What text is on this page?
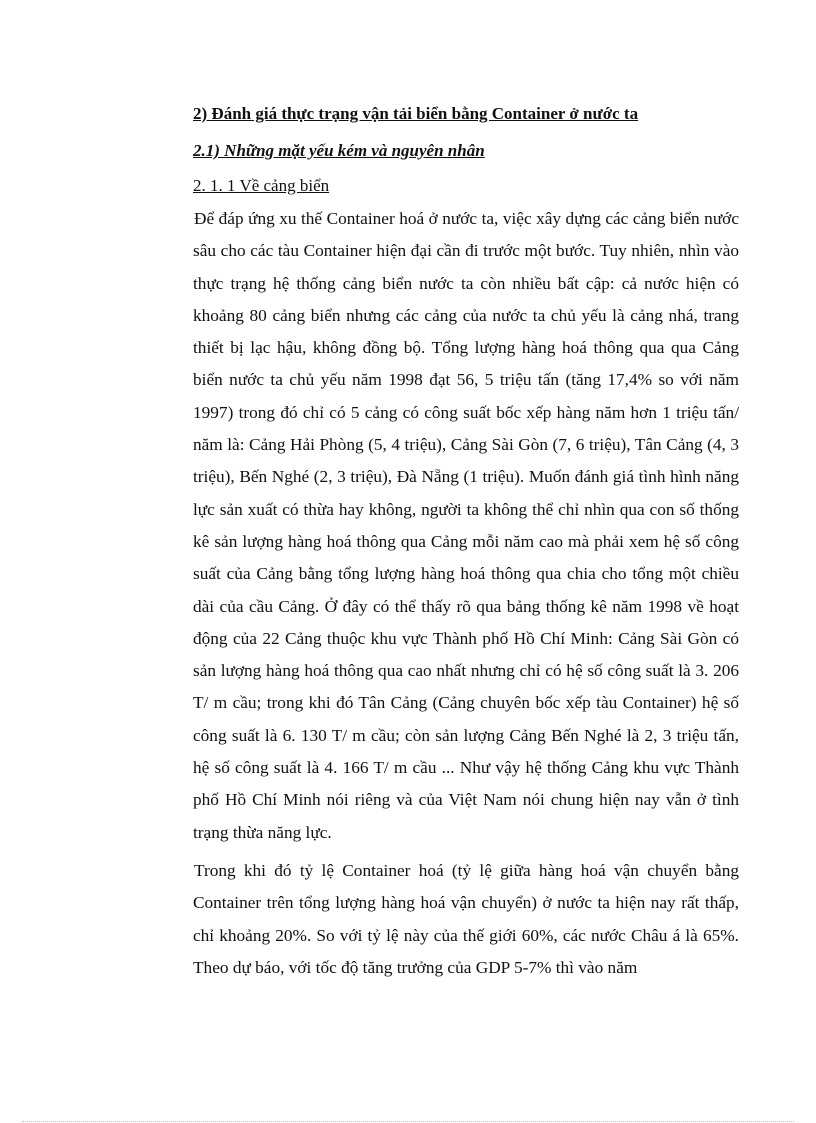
2) Đánh giá thực trạng vận tải biển bằng Container ở nước ta
2.1) Những mặt yếu kém và nguyên nhân
2. 1. 1 Về cảng biển

Để đáp ứng xu thế Container hoá ở nước ta, việc xây dựng các cảng biển nước sâu cho các tàu Container hiện đại cần đi trước một bước. Tuy nhiên, nhìn vào thực trạng hệ thống cảng biển nước ta còn nhiều bất cập: cả nước hiện có khoảng 80 cảng biển nhưng các cảng của nước ta chủ yếu là cảng nhá, trang thiết bị lạc hậu, không đồng bộ. Tổng lượng hàng hoá thông qua qua Cảng biển nước ta chủ yếu năm 1998 đạt 56, 5 triệu tấn (tăng 17,4% so với năm 1997) trong đó chỉ có 5 cảng có công suất bốc xếp hàng năm hơn 1 triệu tấn/ năm là: Cảng Hải Phòng (5, 4 triệu), Cảng Sài Gòn (7, 6 triệu), Tân Cảng (4, 3 triệu), Bến Nghé (2, 3 triệu), Đà Nẵng (1 triệu). Muốn đánh giá tình hình năng lực sản xuất có thừa hay không, người ta không thể chỉ nhìn qua con số thống kê sản lượng hàng hoá thông qua Cảng mỗi năm cao mà phải xem hệ số công suất của Cảng bằng tổng lượng hàng hoá thông qua chia cho tổng một chiều dài của cầu Cảng. Ở đây có thể thấy rõ qua bảng thống kê năm 1998 về hoạt động của 22 Cảng thuộc khu vực Thành phố Hồ Chí Minh: Cảng Sài Gòn có sản lượng hàng hoá thông qua cao nhất nhưng chỉ có hệ số công suất là 3. 206 T/ m cầu; trong khi đó Tân Cảng (Cảng chuyên bốc xếp tàu Container) hệ số công suất là 6. 130 T/ m cầu; còn sản lượng Cảng Bến Nghé là 2, 3 triệu tấn, hệ số công suất là 4. 166 T/ m cầu ... Như vậy hệ thống Cảng khu vực Thành phố Hồ Chí Minh nói riêng và của Việt Nam nói chung hiện nay vẫn ở tình trạng thừa năng lực.

Trong khi đó tỷ lệ Container hoá (tỷ lệ giữa hàng hoá vận chuyển bằng Container trên tổng lượng hàng hoá vận chuyển) ở nước ta hiện nay rất thấp, chỉ khoảng 20%. So với tỷ lệ này của thế giới 60%, các nước Châu á là 65%. Theo dự báo, với tốc độ tăng trưởng của GDP 5-7% thì vào năm
